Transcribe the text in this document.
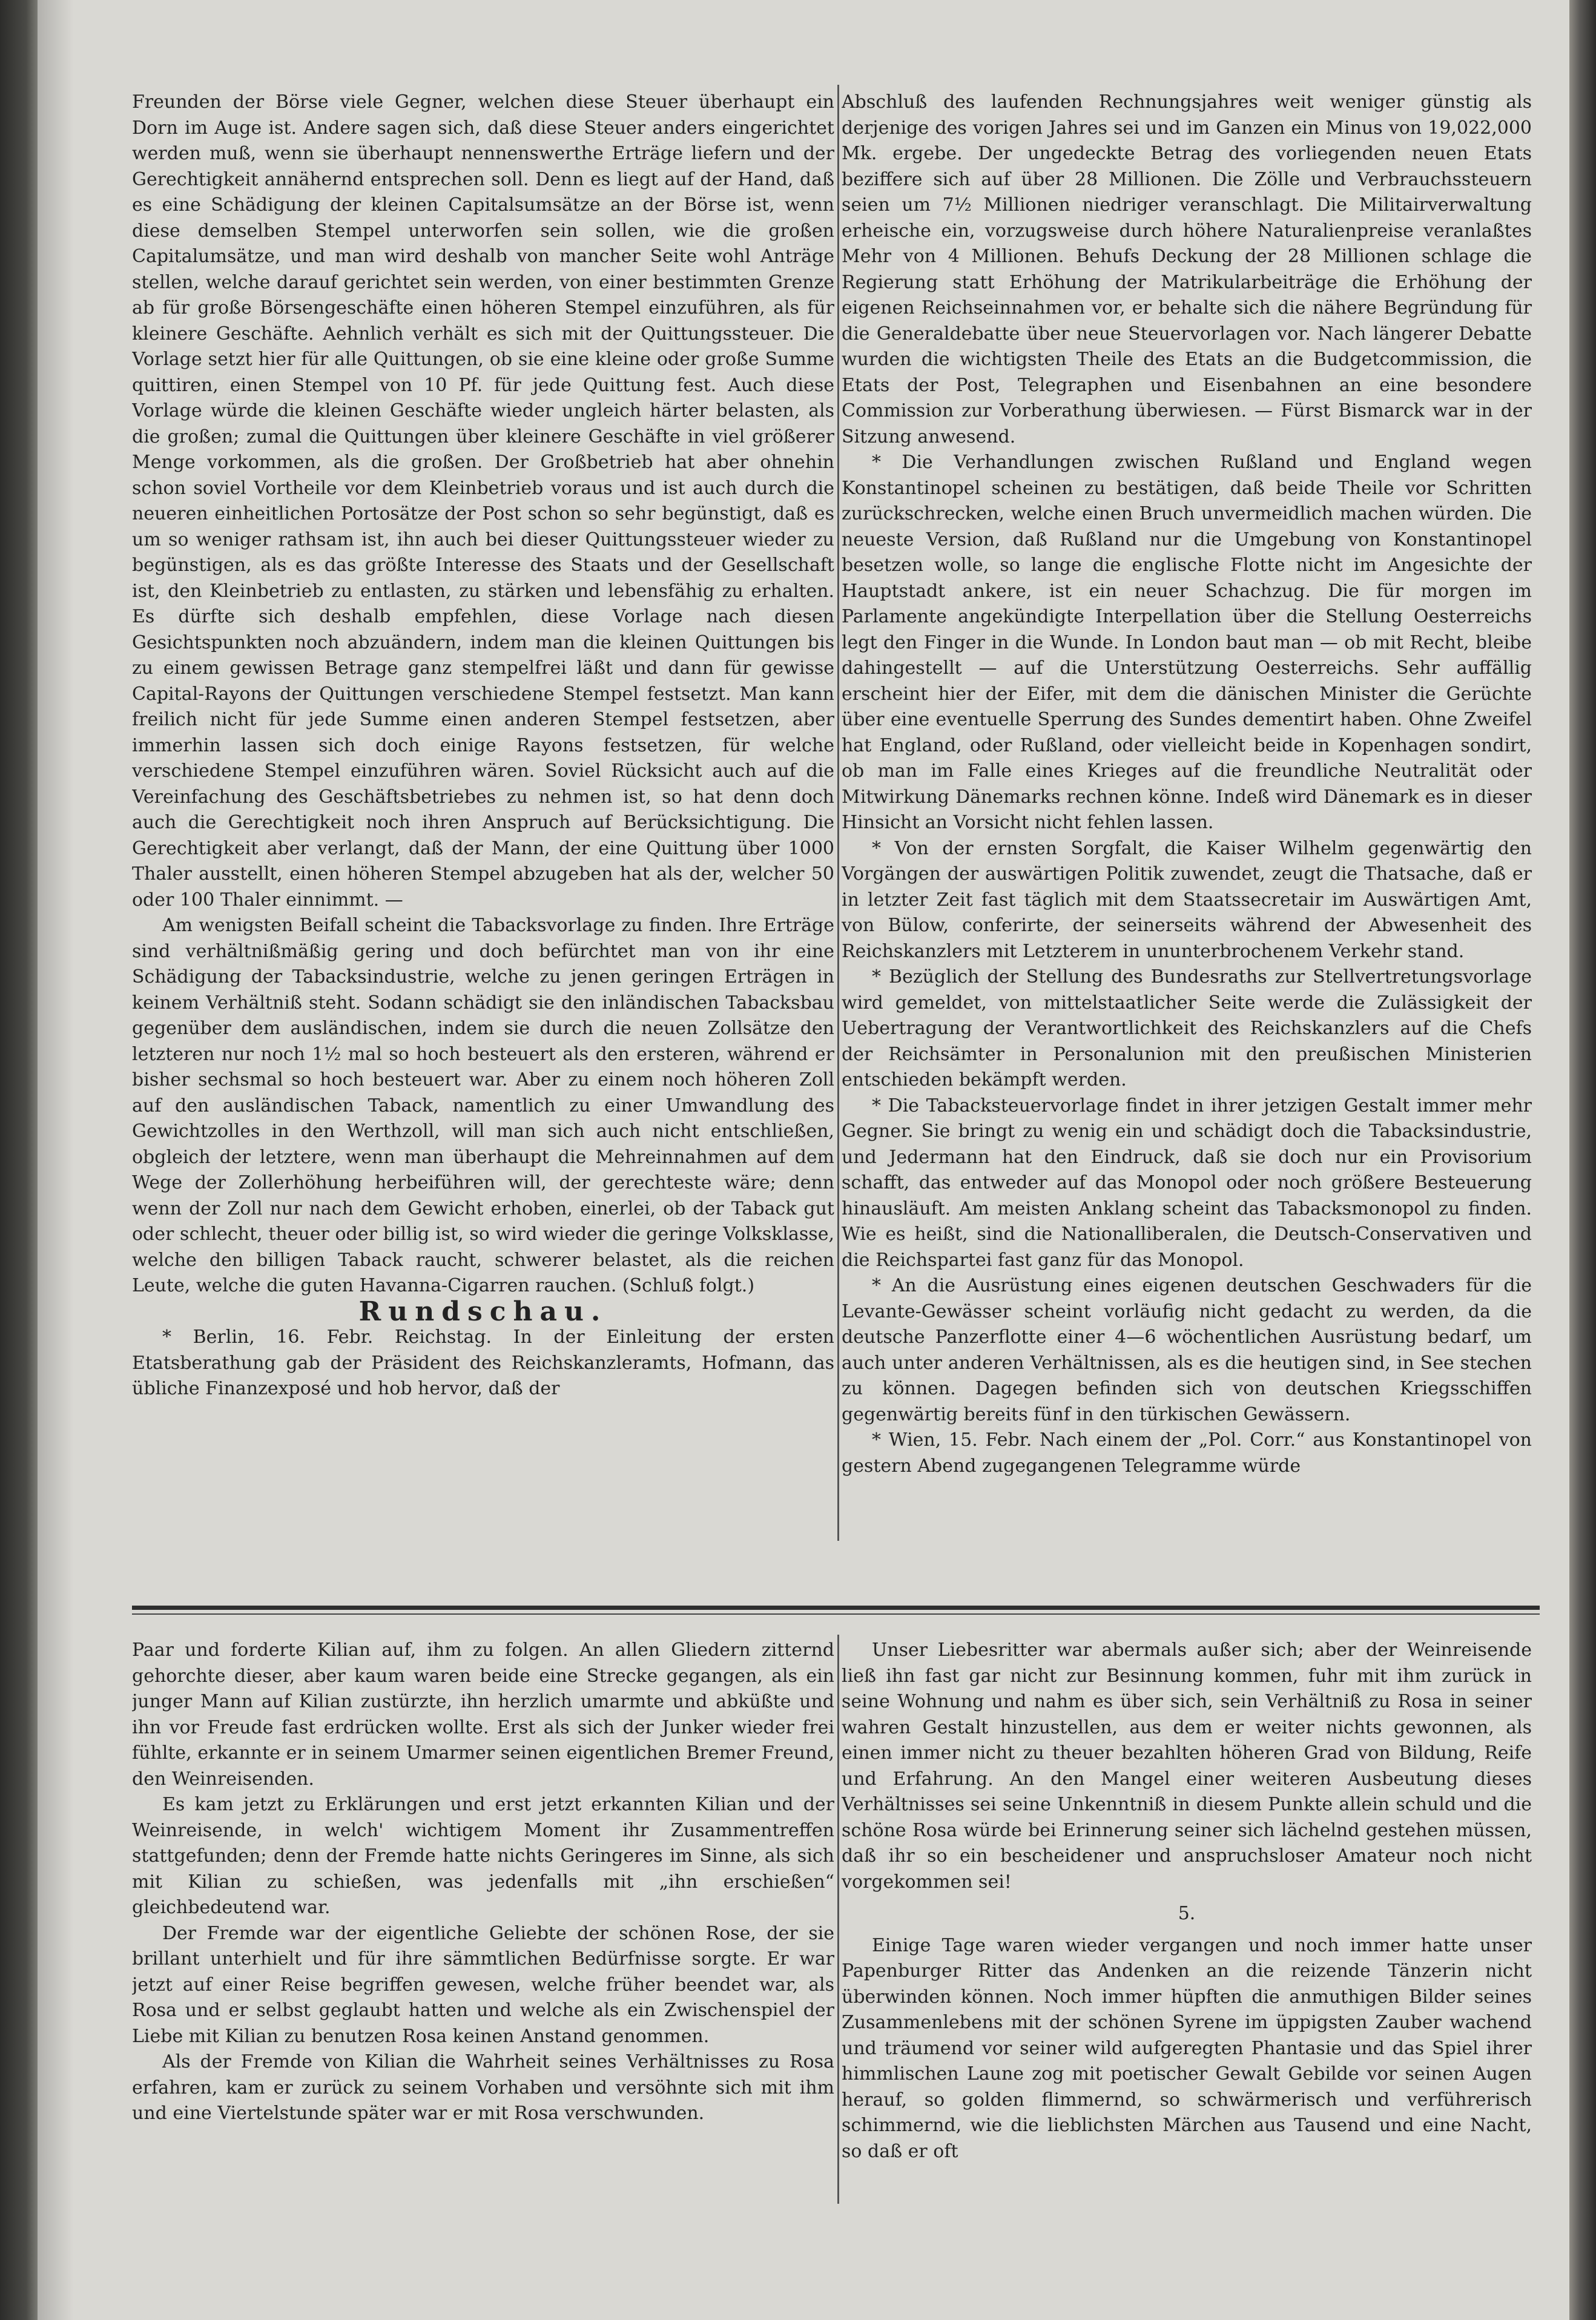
Freunden der Börse viele Gegner, welchen diese Steuer überhaupt ein Dorn im Auge ist. Andere sagen sich, daß diese Steuer anders eingerichtet werden muß, wenn sie überhaupt nennenswerthe Erträge liefern und der Gerechtigkeit annähernd entsprechen soll. Denn es liegt auf der Hand, daß es eine Schädigung der kleinen Capitalsumsätze an der Börse ist, wenn diese demselben Stempel unterworfen sein sollen, wie die großen Capitalumsätze, und man wird deshalb von mancher Seite wohl Anträge stellen, welche darauf gerichtet sein werden, von einer bestimmten Grenze ab für große Börsengeschäfte einen höheren Stempel einzuführen, als für kleinere Geschäfte. Aehnlich verhält es sich mit der Quittungssteuer. Die Vorlage setzt hier für alle Quittungen, ob sie eine kleine oder große Summe quittiren, einen Stempel von 10 Pf. für jede Quittung fest. Auch diese Vorlage würde die kleinen Geschäfte wieder ungleich härter belasten, als die großen; zumal die Quittungen über kleinere Geschäfte in viel größerer Menge vorkommen, als die großen. Der Großbetrieb hat aber ohnehin schon soviel Vortheile vor dem Kleinbetrieb voraus und ist auch durch die neueren einheitlichen Portosätze der Post schon so sehr begünstigt, daß es um so weniger rathsam ist, ihn auch bei dieser Quittungssteuer wieder zu begünstigen, als es das größte Interesse des Staats und der Gesellschaft ist, den Kleinbetrieb zu entlasten, zu stärken und lebensfähig zu erhalten. Es dürfte sich deshalb empfehlen, diese Vorlage nach diesen Gesichtspunkten noch abzuändern, indem man die kleinen Quittungen bis zu einem gewissen Betrage ganz stempelfrei läßt und dann für gewisse Capital-Rayons der Quittungen verschiedene Stempel festsetzt. Man kann freilich nicht für jede Summe einen anderen Stempel festsetzen, aber immerhin lassen sich doch einige Rayons festsetzen, für welche verschiedene Stempel einzuführen wären. Soviel Rücksicht auch auf die Vereinfachung des Geschäftsbetriebes zu nehmen ist, so hat denn doch auch die Gerechtigkeit noch ihren Anspruch auf Berücksichtigung. Die Gerechtigkeit aber verlangt, daß der Mann, der eine Quittung über 1000 Thaler ausstellt, einen höheren Stempel abzugeben hat als der, welcher 50 oder 100 Thaler einnimmt. —

Am wenigsten Beifall scheint die Tabacksvorlage zu finden. Ihre Erträge sind verhältnißmäßig gering und doch befürchtet man von ihr eine Schädigung der Tabacksindustrie, welche zu jenen geringen Erträgen in keinem Verhältniß steht. Sodann schädigt sie den inländischen Tabacksbau gegenüber dem ausländischen, indem sie durch die neuen Zollsätze den letzteren nur noch 1½ mal so hoch besteuert als den ersteren, während er bisher sechsmal so hoch besteuert war. Aber zu einem noch höheren Zoll auf den ausländischen Taback, namentlich zu einer Umwandlung des Gewichtzolles in den Werthzoll, will man sich auch nicht entschließen, obgleich der letztere, wenn man überhaupt die Mehreinnahmen auf dem Wege der Zollerhöhung herbeiführen will, der gerechteste wäre; denn wenn der Zoll nur nach dem Gewicht erhoben, einerlei, ob der Taback gut oder schlecht, theuer oder billig ist, so wird wieder die geringe Volksklasse, welche den billigen Taback raucht, schwerer belastet, als die reichen Leute, welche die guten Havanna-Cigarren rauchen. (Schluß folgt.)

Rundschau.

* Berlin, 16. Febr. Reichstag. In der Einleitung der ersten Etatsberathung gab der Präsident des Reichskanzleramts, Hofmann, das übliche Finanzexposé und hob hervor, daß der

Abschluß des laufenden Rechnungsjahres weit weniger günstig als derjenige des vorigen Jahres sei und im Ganzen ein Minus von 19,022,000 Mk. ergebe. Der ungedeckte Betrag des vorliegenden neuen Etats beziffere sich auf über 28 Millionen. Die Zölle und Verbrauchssteuern seien um 7½ Millionen niedriger veranschlagt. Die Militairverwaltung erheische ein, vorzugsweise durch höhere Naturalienpreise veranlaßtes Mehr von 4 Millionen. Behufs Deckung der 28 Millionen schlage die Regierung statt Erhöhung der Matrikularbeiträge die Erhöhung der eigenen Reichseinnahmen vor, er behalte sich die nähere Begründung für die Generaldebatte über neue Steuervorlagen vor. Nach längerer Debatte wurden die wichtigsten Theile des Etats an die Budgetcommission, die Etats der Post, Telegraphen und Eisenbahnen an eine besondere Commission zur Vorberathung überwiesen. — Fürst Bismarck war in der Sitzung anwesend.

* Die Verhandlungen zwischen Rußland und England wegen Konstantinopel scheinen zu bestätigen, daß beide Theile vor Schritten zurückschrecken, welche einen Bruch unvermeidlich machen würden. Die neueste Version, daß Rußland nur die Umgebung von Konstantinopel besetzen wolle, so lange die englische Flotte nicht im Angesichte der Hauptstadt ankere, ist ein neuer Schachzug. Die für morgen im Parlamente angekündigte Interpellation über die Stellung Oesterreichs legt den Finger in die Wunde. In London baut man — ob mit Recht, bleibe dahingestellt — auf die Unterstützung Oesterreichs. Sehr auffällig erscheint hier der Eifer, mit dem die dänischen Minister die Gerüchte über eine eventuelle Sperrung des Sundes dementirt haben. Ohne Zweifel hat England, oder Rußland, oder vielleicht beide in Kopenhagen sondirt, ob man im Falle eines Krieges auf die freundliche Neutralität oder Mitwirkung Dänemarks rechnen könne. Indeß wird Dänemark es in dieser Hinsicht an Vorsicht nicht fehlen lassen.

* Von der ernsten Sorgfalt, die Kaiser Wilhelm gegenwärtig den Vorgängen der auswärtigen Politik zuwendet, zeugt die Thatsache, daß er in letzter Zeit fast täglich mit dem Staatssecretair im Auswärtigen Amt, von Bülow, conferirte, der seinerseits während der Abwesenheit des Reichskanzlers mit Letzterem in ununterbrochenem Verkehr stand.

* Bezüglich der Stellung des Bundesraths zur Stellvertretungsvorlage wird gemeldet, von mittelstaatlicher Seite werde die Zulässigkeit der Uebertragung der Verantwortlichkeit des Reichskanzlers auf die Chefs der Reichsämter in Personalunion mit den preußischen Ministerien entschieden bekämpft werden.

* Die Tabacksteuervorlage findet in ihrer jetzigen Gestalt immer mehr Gegner. Sie bringt zu wenig ein und schädigt doch die Tabacksindustrie, und Jedermann hat den Eindruck, daß sie doch nur ein Provisorium schafft, das entweder auf das Monopol oder noch größere Besteuerung hinausläuft. Am meisten Anklang scheint das Tabacksmonopol zu finden. Wie es heißt, sind die Nationalliberalen, die Deutsch-Conservativen und die Reichspartei fast ganz für das Monopol.

* An die Ausrüstung eines eigenen deutschen Geschwaders für die Levante-Gewässer scheint vorläufig nicht gedacht zu werden, da die deutsche Panzerflotte einer 4—6 wöchentlichen Ausrüstung bedarf, um auch unter anderen Verhältnissen, als es die heutigen sind, in See stechen zu können. Dagegen befinden sich von deutschen Kriegsschiffen gegenwärtig bereits fünf in den türkischen Gewässern.

* Wien, 15. Febr. Nach einem der „Pol. Corr.“ aus Konstantinopel von gestern Abend zugegangenen Telegramme würde

Paar und forderte Kilian auf, ihm zu folgen. An allen Gliedern zitternd gehorchte dieser, aber kaum waren beide eine Strecke gegangen, als ein junger Mann auf Kilian zustürzte, ihn herzlich umarmte und abküßte und ihn vor Freude fast erdrücken wollte. Erst als sich der Junker wieder frei fühlte, erkannte er in seinem Umarmer seinen eigentlichen Bremer Freund, den Weinreisenden.

Es kam jetzt zu Erklärungen und erst jetzt erkannten Kilian und der Weinreisende, in welch' wichtigem Moment ihr Zusammentreffen stattgefunden; denn der Fremde hatte nichts Geringeres im Sinne, als sich mit Kilian zu schießen, was jedenfalls mit „ihn erschießen“ gleichbedeutend war.

Der Fremde war der eigentliche Geliebte der schönen Rose, der sie brillant unterhielt und für ihre sämmtlichen Bedürfnisse sorgte. Er war jetzt auf einer Reise begriffen gewesen, welche früher beendet war, als Rosa und er selbst geglaubt hatten und welche als ein Zwischenspiel der Liebe mit Kilian zu benutzen Rosa keinen Anstand genommen.

Als der Fremde von Kilian die Wahrheit seines Verhältnisses zu Rosa erfahren, kam er zurück zu seinem Vorhaben und versöhnte sich mit ihm und eine Viertelstunde später war er mit Rosa verschwunden.

Unser Liebesritter war abermals außer sich; aber der Weinreisende ließ ihn fast gar nicht zur Besinnung kommen, fuhr mit ihm zurück in seine Wohnung und nahm es über sich, sein Verhältniß zu Rosa in seiner wahren Gestalt hinzustellen, aus dem er weiter nichts gewonnen, als einen immer nicht zu theuer bezahlten höheren Grad von Bildung, Reife und Erfahrung. An den Mangel einer weiteren Ausbeutung dieses Verhältnisses sei seine Unkenntniß in diesem Punkte allein schuld und die schöne Rosa würde bei Erinnerung seiner sich lächelnd gestehen müssen, daß ihr so ein bescheidener und anspruchsloser Amateur noch nicht vorgekommen sei!

5.

Einige Tage waren wieder vergangen und noch immer hatte unser Papenburger Ritter das Andenken an die reizende Tänzerin nicht überwinden können. Noch immer hüpften die anmuthigen Bilder seines Zusammenlebens mit der schönen Syrene im üppigsten Zauber wachend und träumend vor seiner wild aufgeregten Phantasie und das Spiel ihrer himmlischen Laune zog mit poetischer Gewalt Gebilde vor seinen Augen herauf, so golden flimmernd, so schwärmerisch und verführerisch schimmernd, wie die lieblichsten Märchen aus Tausend und eine Nacht, so daß er oft
